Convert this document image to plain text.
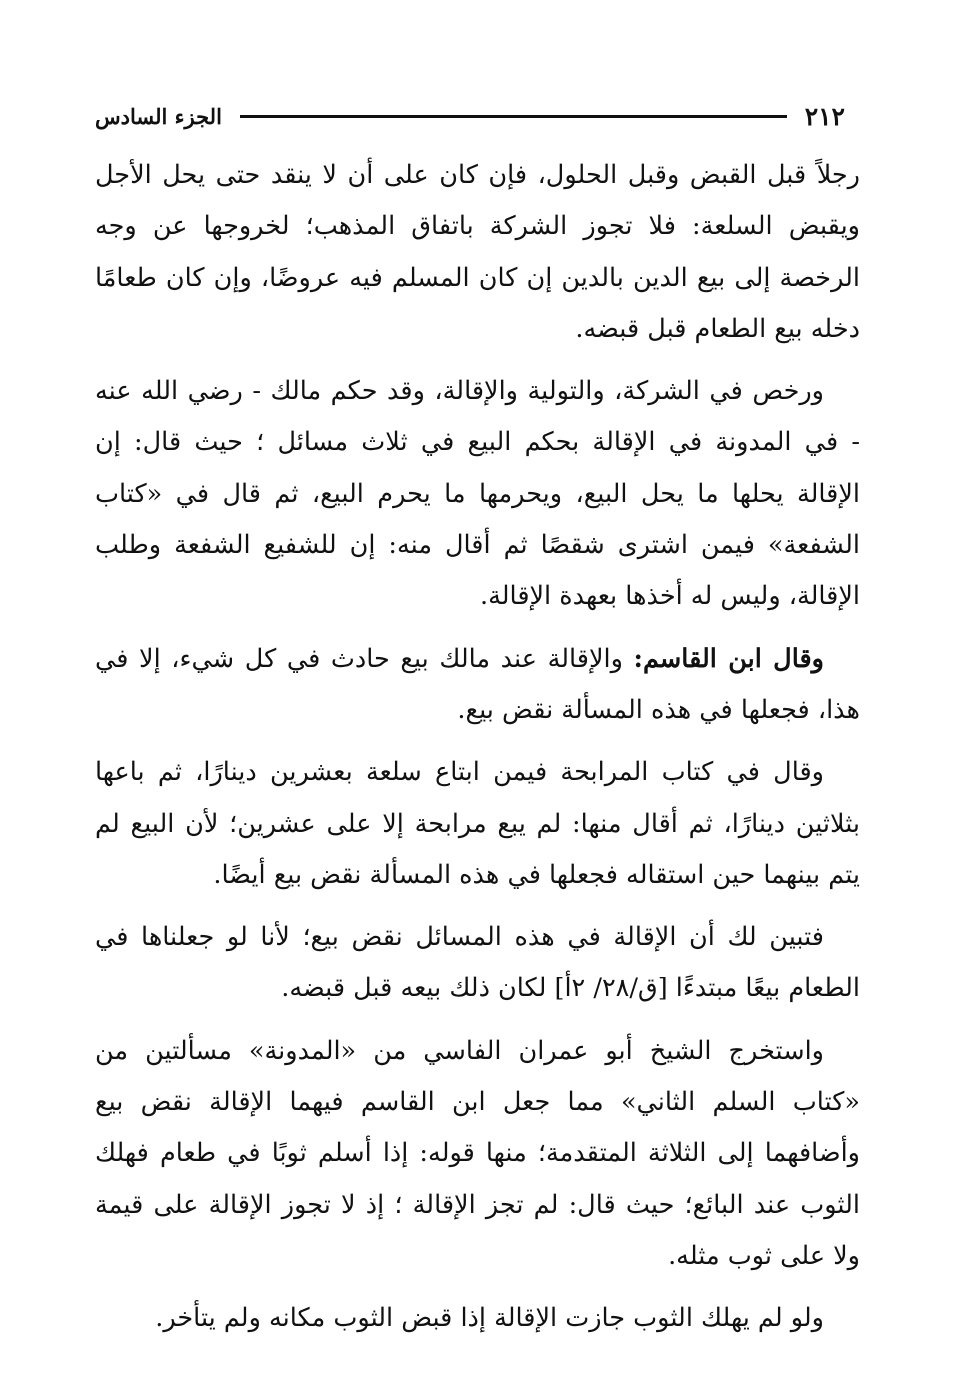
٢١٢
الجزء السادس

رجلاً قبل القبض وقبل الحلول، فإن كان على أن لا ينقد حتى يحل الأجل ويقبض السلعة: فلا تجوز الشركة باتفاق المذهب؛ لخروجها عن وجه الرخصة إلى بيع الدين بالدين إن كان المسلم فيه عروضًا، وإن كان طعامًا دخله بيع الطعام قبل قبضه.

ورخص في الشركة، والتولية والإقالة، وقد حكم مالك - رضي الله عنه - في المدونة في الإقالة بحكم البيع في ثلاث مسائل ؛ حيث قال: إن الإقالة يحلها ما يحل البيع، ويحرمها ما يحرم البيع، ثم قال في «كتاب الشفعة» فيمن اشترى شقصًا ثم أقال منه: إن للشفيع الشفعة وطلب الإقالة، وليس له أخذها بعهدة الإقالة.

وقال ابن القاسم: والإقالة عند مالك بيع حادث في كل شيء، إلا في هذا، فجعلها في هذه المسألة نقض بيع.

وقال في كتاب المرابحة فيمن ابتاع سلعة بعشرين دينارًا، ثم باعها بثلاثين دينارًا، ثم أقال منها: لم يبع مرابحة إلا على عشرين؛ لأن البيع لم يتم بينهما حين استقاله فجعلها في هذه المسألة نقض بيع أيضًا.

فتبين لك أن الإقالة في هذه المسائل نقض بيع؛ لأنا لو جعلناها في الطعام بيعًا مبتدءًا [ق/٢٨/ ٢أ] لكان ذلك بيعه قبل قبضه.

واستخرج الشيخ أبو عمران الفاسي من «المدونة» مسألتين من «كتاب السلم الثاني» مما جعل ابن القاسم فيهما الإقالة نقض بيع وأضافهما إلى الثلاثة المتقدمة؛ منها قوله: إذا أسلم ثوبًا في طعام فهلك الثوب عند البائع؛ حيث قال: لم تجز الإقالة ؛ إذ لا تجوز الإقالة على قيمة ولا على ثوب مثله.

ولو لم يهلك الثوب جازت الإقالة إذا قبض الثوب مكانه ولم يتأخر.
